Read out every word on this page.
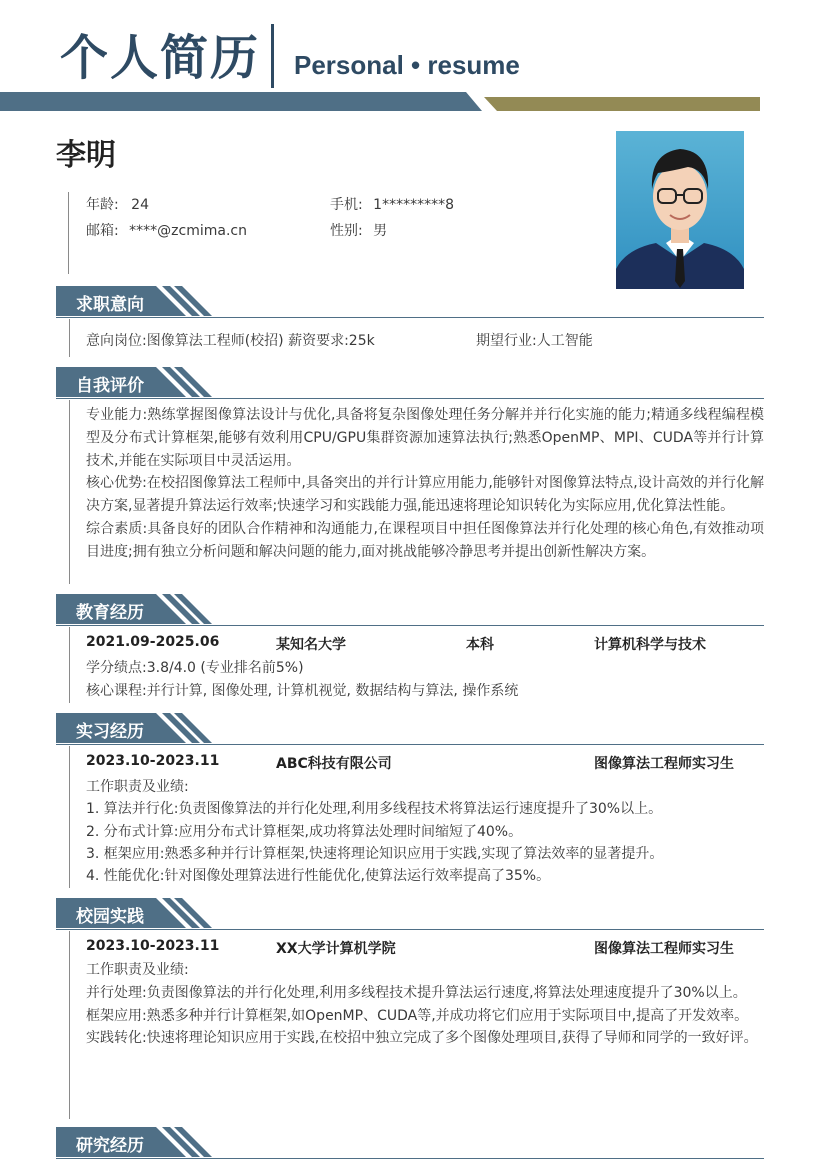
个人简历 Personal • resume
李明
年龄: 24	手机: 1*********8
邮箱: ****@zcmima.cn	性别: 男
求职意向
意向岗位:图像算法工程师(校招) 薪资要求:25k	期望行业:人工智能
自我评价
专业能力:熟练掌握图像算法设计与优化,具备将复杂图像处理任务分解并并行化实施的能力;精通多线程编程模型及分布式计算框架,能够有效利用CPU/GPU集群资源加速算法执行;熟悉OpenMP、MPI、CUDA等并行计算技术,并能在实际项目中灵活运用。
核心优势:在校招图像算法工程师中,具备突出的并行计算应用能力,能够针对图像算法特点,设计高效的并行化解决方案,显著提升算法运行效率;快速学习和实践能力强,能迅速将理论知识转化为实际应用,优化算法性能。
综合素质:具备良好的团队合作精神和沟通能力,在课程项目中担任图像算法并行化处理的核心角色,有效推动项目进度;拥有独立分析问题和解决问题的能力,面对挑战能够冷静思考并提出创新性解决方案。
教育经历
2021.09-2025.06	某知名大学	本科	计算机科学与技术
学分绩点:3.8/4.0 (专业排名前5%)
核心课程:并行计算, 图像处理, 计算机视觉, 数据结构与算法, 操作系统
实习经历
2023.10-2023.11	ABC科技有限公司	图像算法工程师实习生
工作职责及业绩:
1. 算法并行化:负责图像算法的并行化处理,利用多线程技术将算法运行速度提升了30%以上。
2. 分布式计算:应用分布式计算框架,成功将算法处理时间缩短了40%。
3. 框架应用:熟悉多种并行计算框架,快速将理论知识应用于实践,实现了算法效率的显著提升。
4. 性能优化:针对图像处理算法进行性能优化,使算法运行效率提高了35%。
校园实践
2023.10-2023.11	XX大学计算机学院	图像算法工程师实习生
工作职责及业绩:
并行处理:负责图像算法的并行化处理,利用多线程技术提升算法运行速度,将算法处理速度提升了30%以上。
框架应用:熟悉多种并行计算框架,如OpenMP、CUDA等,并成功将它们应用于实际项目中,提高了开发效率。
实践转化:快速将理论知识应用于实践,在校招中独立完成了多个图像处理项目,获得了导师和同学的一致好评。
研究经历
